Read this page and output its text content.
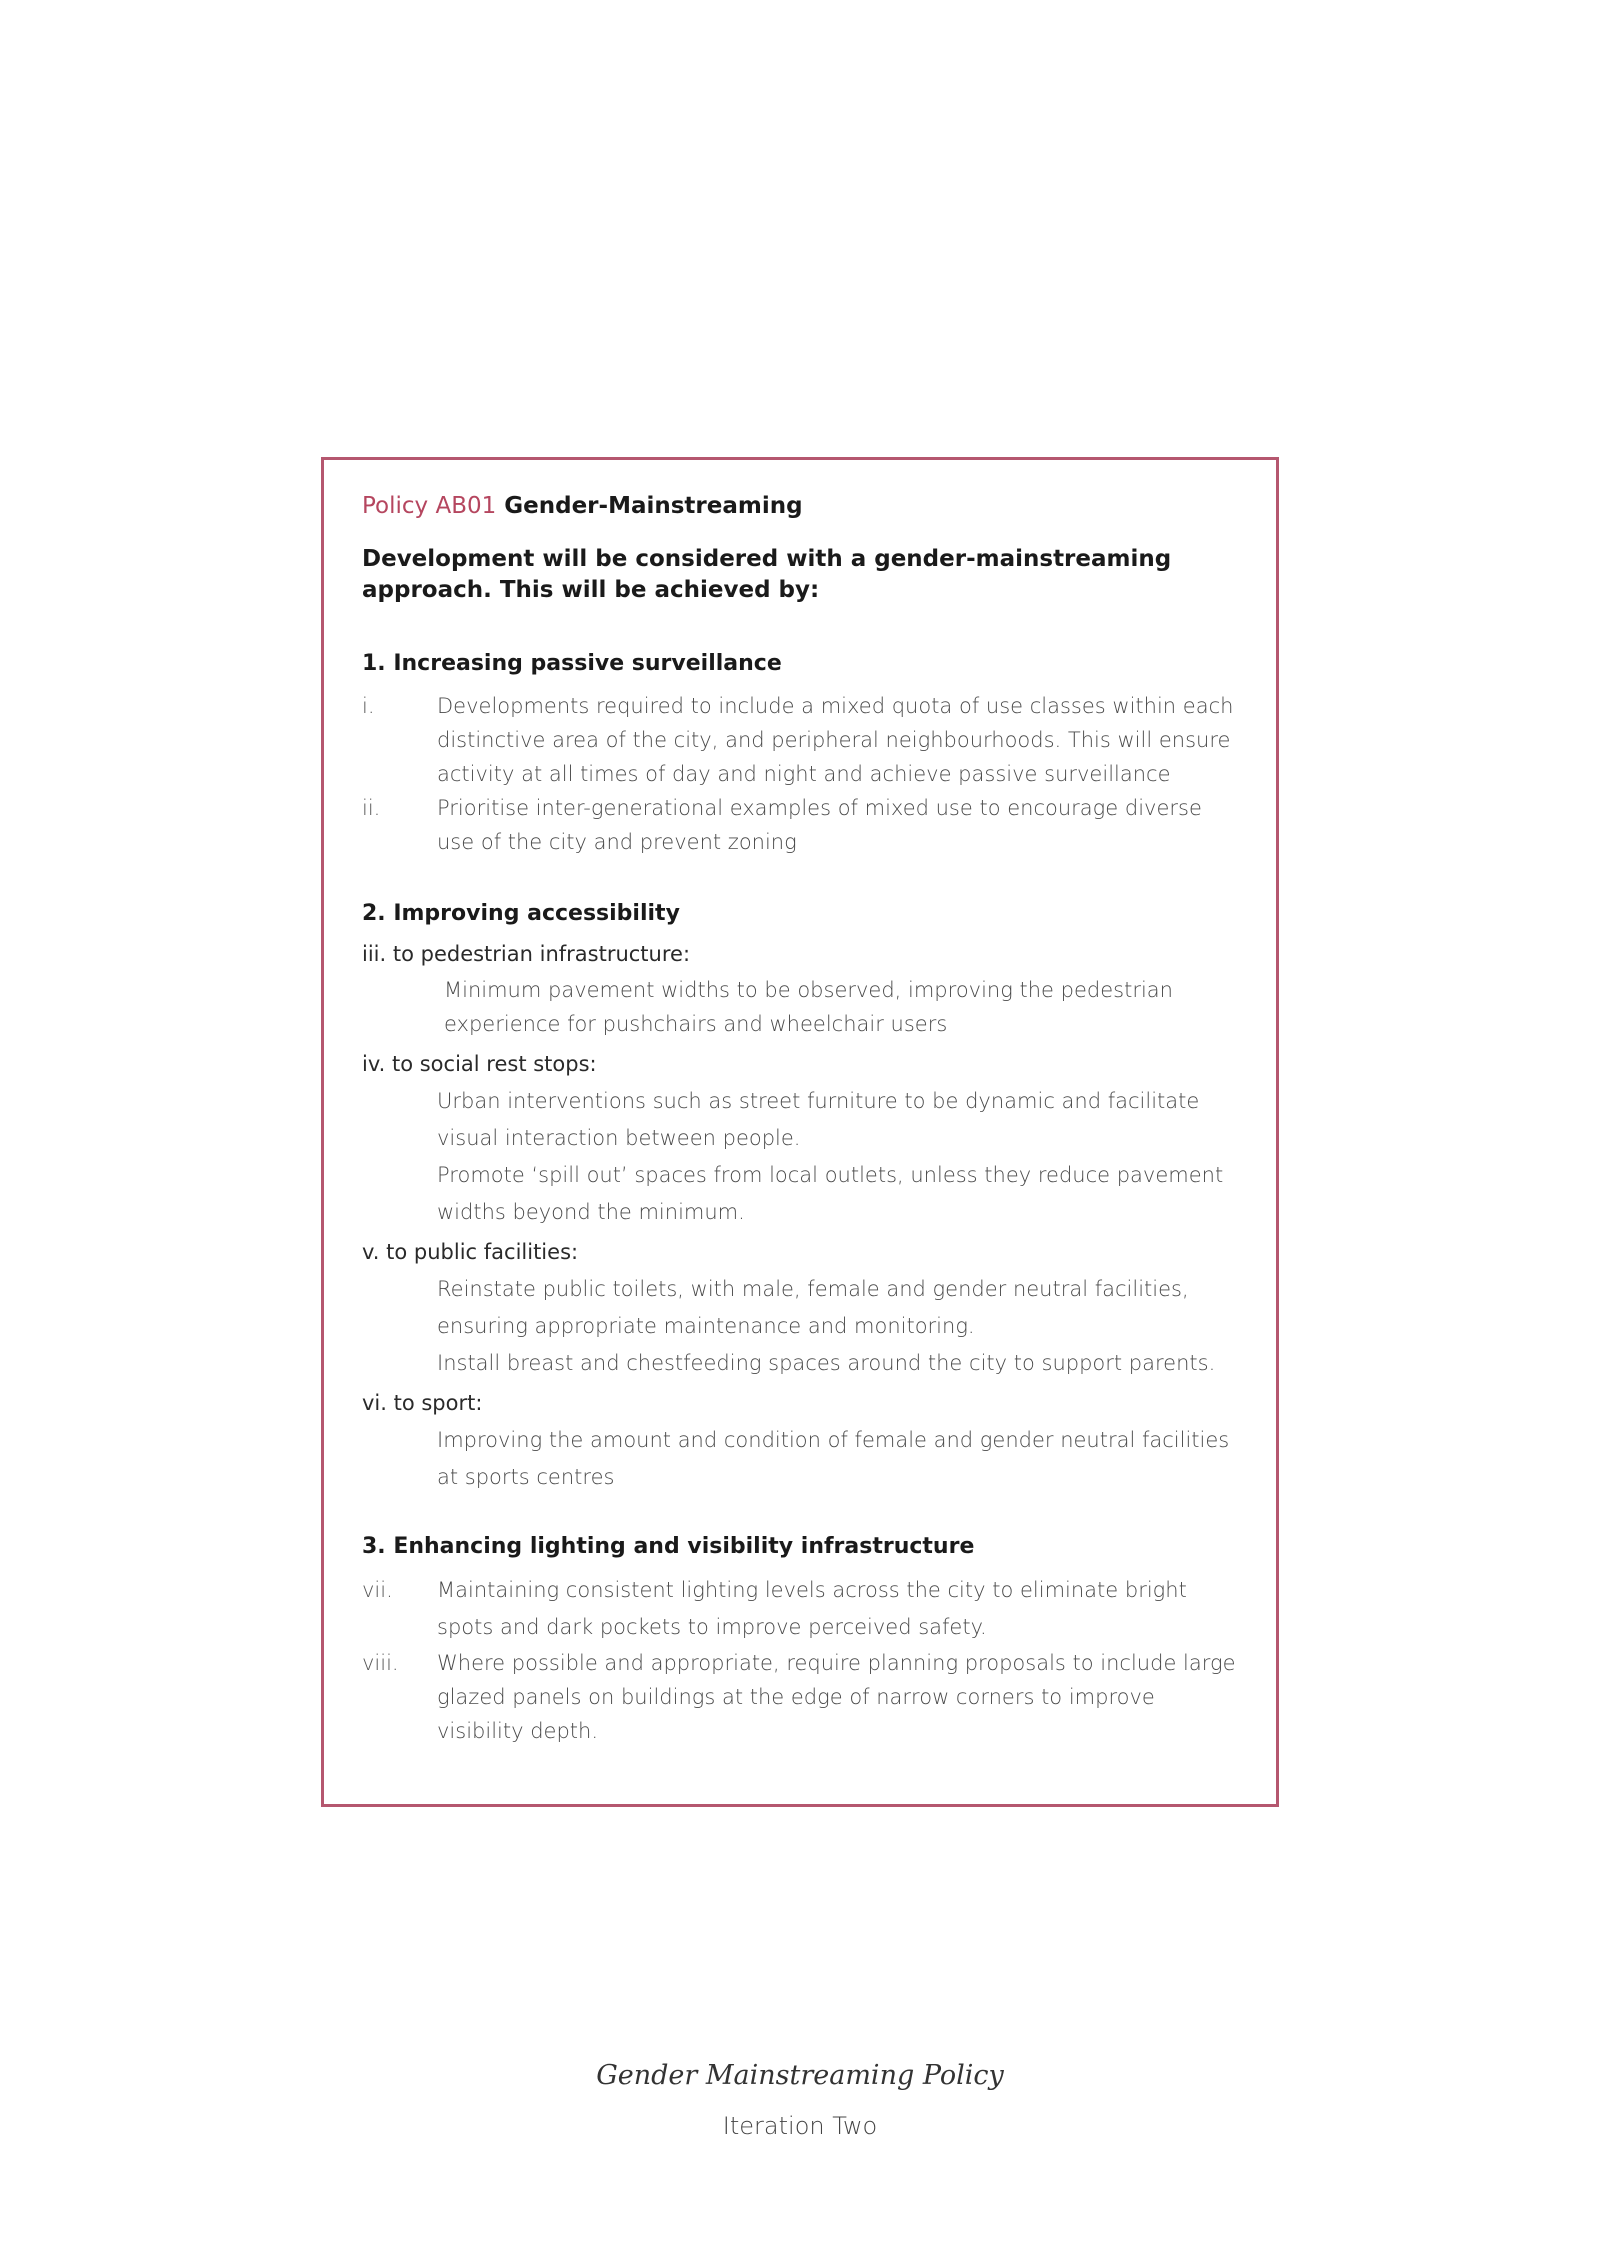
Policy AB01 Gender-Mainstreaming

Development will be considered with a gender-mainstreaming approach. This will be achieved by:
1. Increasing passive surveillance
i.	Developments required to include a mixed quota of use classes within each distinctive area of the city, and peripheral neighbourhoods. This will ensure activity at all times of day and night and achieve passive surveillance
ii.	Prioritise inter-generational examples of mixed use to encourage diverse use of the city and prevent zoning
2. Improving accessibility
iii. to pedestrian infrastructure:
Minimum pavement widths to be observed, improving the pedestrian experience for pushchairs and wheelchair users
iv. to social rest stops:
Urban interventions such as street furniture to be dynamic and facilitate visual interaction between people.
Promote ‘spill out’ spaces from local outlets, unless they reduce pavement widths beyond the minimum.
v. to public facilities:
Reinstate public toilets, with male, female and gender neutral facilities, ensuring appropriate maintenance and monitoring.
Install breast and chestfeeding spaces around the city to support parents.
vi. to sport:
Improving the amount and condition of female and gender neutral facilities at sports centres
3. Enhancing lighting and visibility infrastructure
vii.	Maintaining consistent lighting levels across the city to eliminate bright spots and dark pockets to improve perceived safety.
viii.	Where possible and appropriate, require planning proposals to include large glazed panels on buildings at the edge of narrow corners to improve visibility depth.
Gender Mainstreaming Policy
Iteration Two
